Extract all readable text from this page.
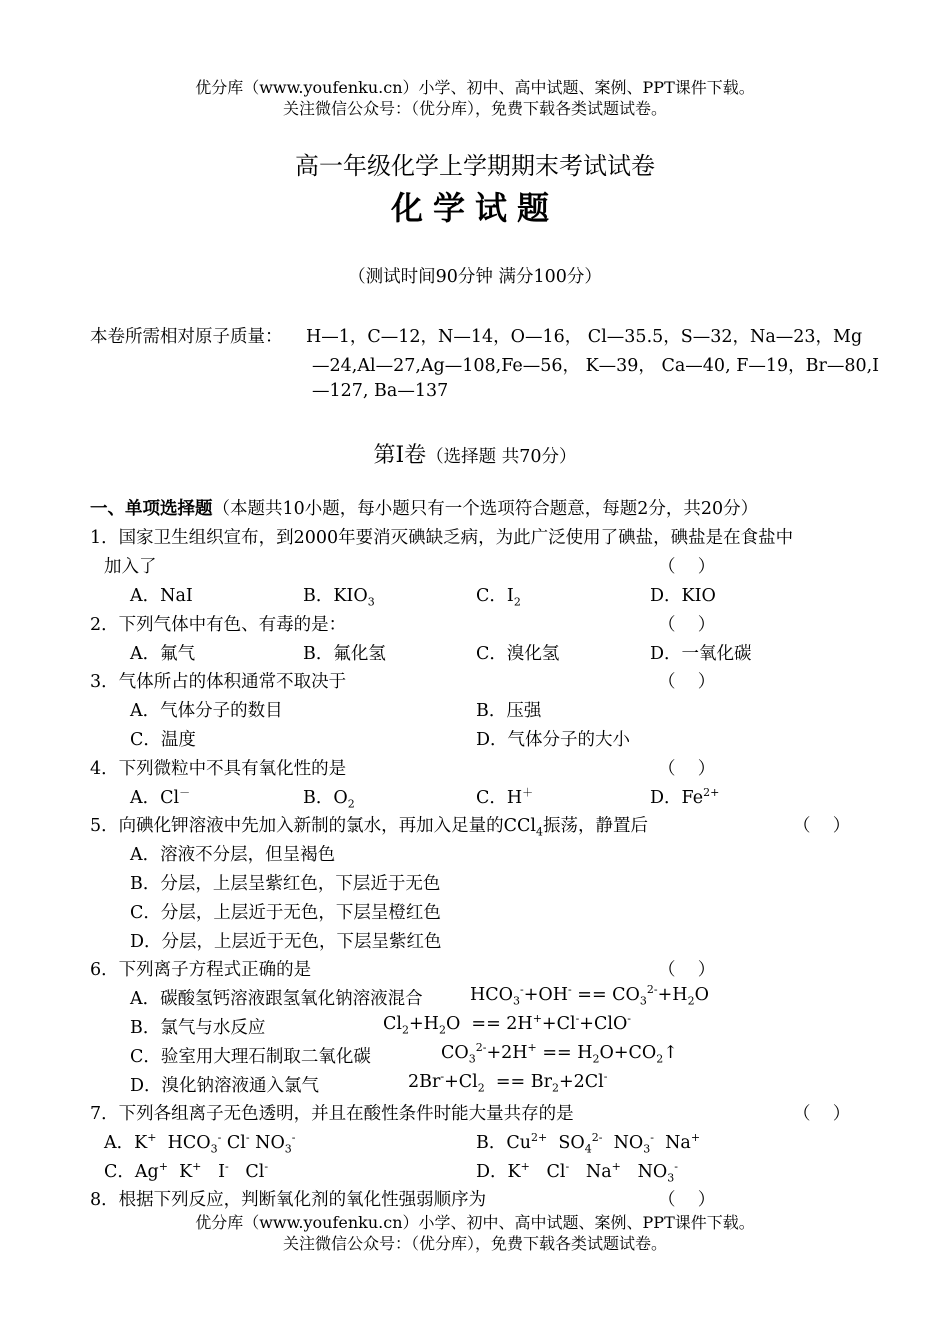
优分库（www.youfenku.cn）小学、初中、高中试题、案例、PPT课件下载。
关注微信公众号：（优分库），免费下载各类试题试卷。
高一年级化学上学期期末考试试卷
化学试题
（测试时间90分钟 满分100分）
本卷所需相对原子质量： H—1，C—12，N—14，O—16， Cl—35.5，S—32，Na—23，Mg
—24,Al—27,Ag—108,Fe—56， K—39， Ca—40, F—19，Br—80,I
—127, Ba—137
第Ⅰ卷（选择题 共70分）
一、单项选择题（本题共10小题，每小题只有一个选项符合题意，每题2分，共20分）
1．国家卫生组织宣布，到2000年要消灭碘缺乏病，为此广泛使用了碘盐，碘盐是在食盐中
加入了	（    ）
A．NaI	B．$KIO_3$	C．$I_2$	D．KIO
2．下列气体中有色、有毒的是：	（    ）
A．氟气	B．氟化氢	C．溴化氢	D．一氧化碳
3．气体所占的体积通常不取决于	（    ）
A．气体分子的数目	B．压强
C．温度	D．气体分子的大小
4．下列微粒中不具有氧化性的是	（    ）
A．Cl－	B．$O_2$	C．H＋	D．$Fe^{2+}$
5．向碘化钾溶液中先加入新制的氯水，再加入足量的CCl$_4$振荡，静置后	（    ）
A．溶液不分层，但呈褐色
B．分层，上层呈紫红色，下层近于无色
C．分层，上层近于无色，下层呈橙红色
D．分层，上层近于无色，下层呈紫红色
6．下列离子方程式正确的是	（    ）
A．碳酸氢钙溶液跟氢氧化钠溶液混合	$HCO_3^-+OH^- == CO_3^{2-}+H_2O$
B．氯气与水反应	$Cl_2+H_2O == 2H^++Cl^-+ClO^-$
C．验室用大理石制取二氧化碳	$CO_3^{2-}+2H^+$ == $H_2O+CO_2↑$
D．溴化钠溶液通入氯气	$2Br^-+Cl_2 == Br_2+2Cl^-$
7．下列各组离子无色透明，并且在酸性条件时能大量共存的是	（    ）
A．K+  $HCO_3^-$ Cl- $NO_3^-$	B．$Cu^{2+}$  $SO_4^{2-}$  $NO_3^-$  Na+
C．Ag+  K+   I-   Cl-	D．K+   Cl-   Na+   $NO_3^-$
8．根据下列反应，判断氧化剂的氧化性强弱顺序为	（    ）
优分库（www.youfenku.cn）小学、初中、高中试题、案例、PPT课件下载。
关注微信公众号：（优分库），免费下载各类试题试卷。
